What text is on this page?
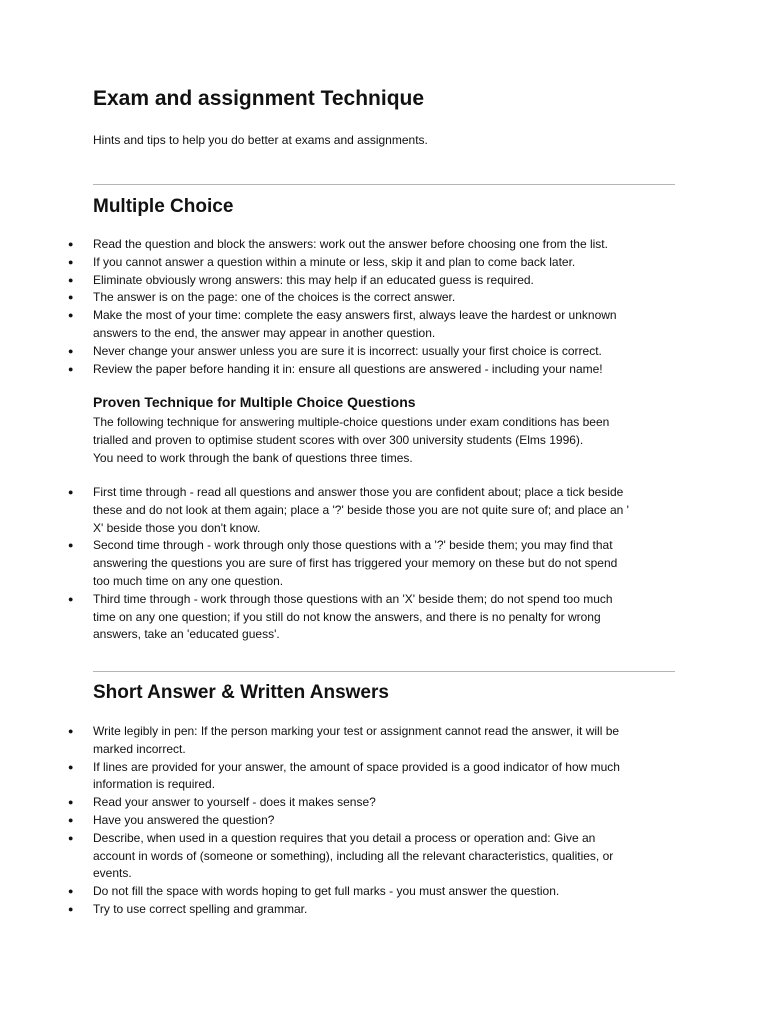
Exam and assignment Technique

Hints and tips to help you do better at exams and assignments.

Multiple Choice
● Read the question and block the answers: work out the answer before choosing one from the list.
● If you cannot answer a question within a minute or less, skip it and plan to come back later.
● Eliminate obviously wrong answers: this may help if an educated guess is required.
● The answer is on the page: one of the choices is the correct answer.
● Make the most of your time: complete the easy answers first, always leave the hardest or unknown
answers to the end, the answer may appear in another question.
● Never change your answer unless you are sure it is incorrect: usually your first choice is correct.
● Review the paper before handing it in: ensure all questions are answered - including your name!
Proven Technique for Multiple Choice Questions
The following technique for answering multiple-choice questions under exam conditions has been
trialled and proven to optimise student scores with over 300 university students (Elms 1996).
You need to work through the bank of questions three times.
● First time through - read all questions and answer those you are confident about; place a tick beside
these and do not look at them again; place a '?' beside those you are not quite sure of; and place an '
X' beside those you don't know.
● Second time through - work through only those questions with a '?' beside them; you may find that
answering the questions you are sure of first has triggered your memory on these but do not spend
too much time on any one question.
● Third time through - work through those questions with an 'X' beside them; do not spend too much
time on any one question; if you still do not know the answers, and there is no penalty for wrong
answers, take an 'educated guess'.
Short Answer & Written Answers
● Write legibly in pen: If the person marking your test or assignment cannot read the answer, it will be
marked incorrect.
● If lines are provided for your answer, the amount of space provided is a good indicator of how much
information is required.
● Read your answer to yourself - does it makes sense?
● Have you answered the question?
● Describe, when used in a question requires that you detail a process or operation and: Give an
account in words of (someone or something), including all the relevant characteristics, qualities, or
events.
● Do not fill the space with words hoping to get full marks - you must answer the question.
● Try to use correct spelling and grammar.
